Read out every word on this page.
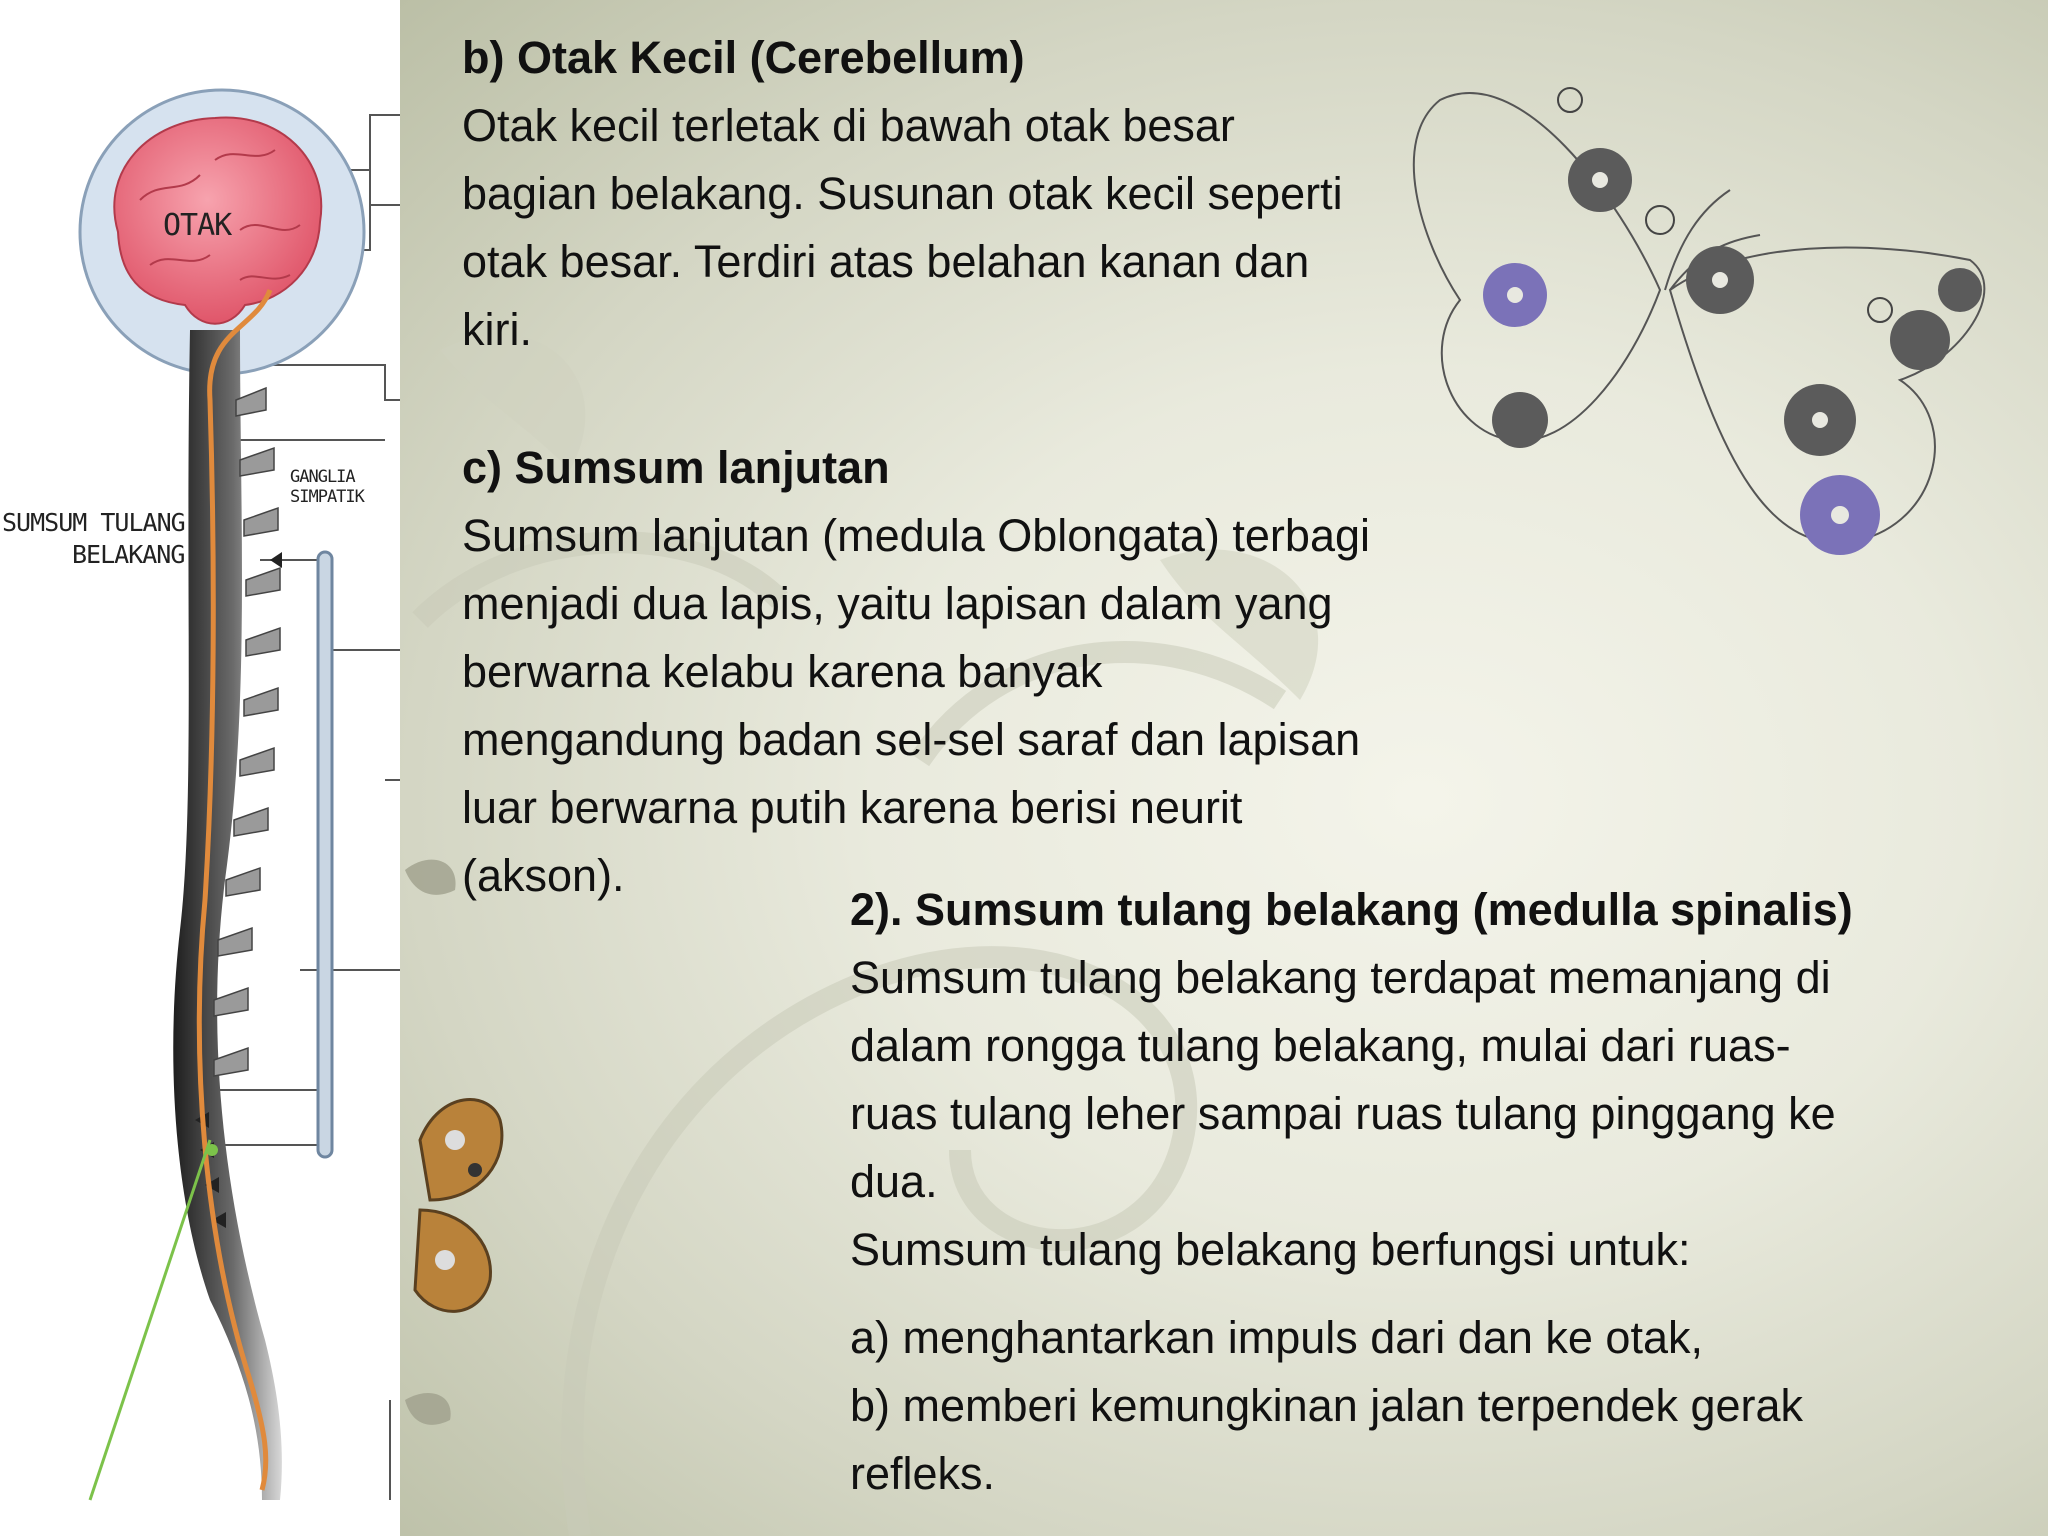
OTAK
SUMSUM TULANG
BELAKANG
GANGLIA
SIMPATIK
b) Otak Kecil (Cerebellum)
Otak kecil terletak di bawah otak besar
bagian belakang. Susunan otak kecil seperti
otak besar. Terdiri atas belahan kanan dan
kiri.
c) Sumsum lanjutan
Sumsum lanjutan (medula Oblongata) terbagi
menjadi dua lapis, yaitu lapisan dalam yang
berwarna kelabu karena banyak
mengandung badan sel-sel saraf dan lapisan
luar berwarna putih karena berisi neurit
(akson).
2). Sumsum tulang belakang (medulla spinalis)
Sumsum tulang belakang terdapat memanjang di
dalam rongga tulang belakang, mulai dari ruas-
ruas tulang leher sampai ruas tulang pinggang ke
dua.
Sumsum tulang belakang berfungsi untuk:
a) menghantarkan impuls dari dan ke otak,
b) memberi kemungkinan jalan terpendek gerak
refleks.
